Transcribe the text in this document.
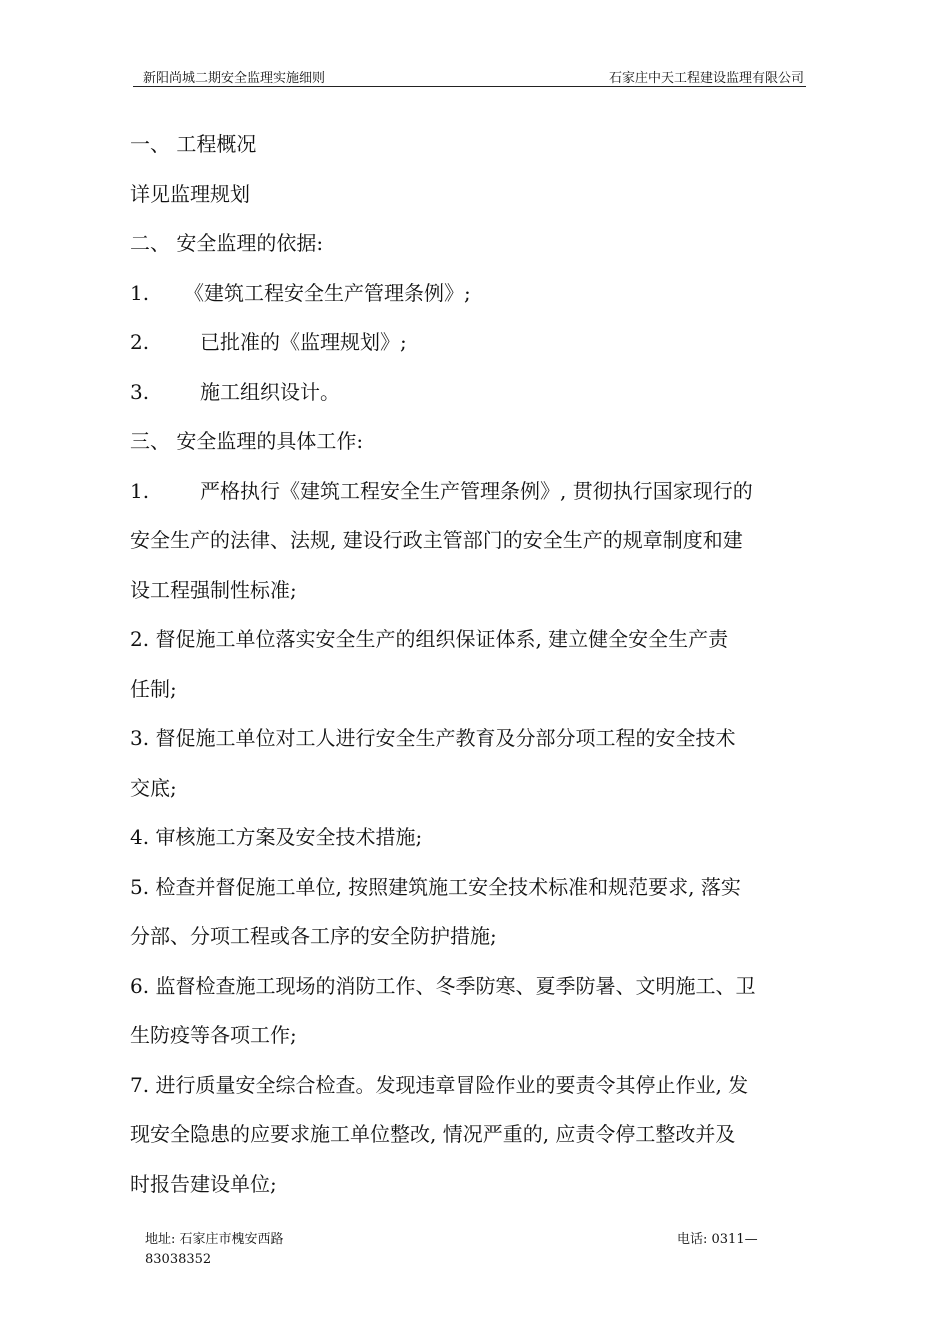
新阳尚城二期安全监理实施细则	石家庄中天工程建设监理有限公司

一、 工程概况

详见监理规划

二、 安全监理的依据:

1. 《建筑工程安全生产管理条例》;

2.	已批准的《监理规划》;

3.	施工组织设计。

三、 安全监理的具体工作:

1.	严格执行《建筑工程安全生产管理条例》, 贯彻执行国家现行的

安全生产的法律、法规, 建设行政主管部门的安全生产的规章制度和建

设工程强制性标准;

2. 督促施工单位落实安全生产的组织保证体系, 建立健全安全生产责

任制;

3. 督促施工单位对工人进行安全生产教育及分部分项工程的安全技术

交底;

4. 审核施工方案及安全技术措施;

5. 检查并督促施工单位, 按照建筑施工安全技术标准和规范要求, 落实

分部、分项工程或各工序的安全防护措施;

6. 监督检查施工现场的消防工作、冬季防寒、夏季防暑、文明施工、卫

生防疫等各项工作;

7. 进行质量安全综合检查。发现违章冒险作业的要责令其停止作业, 发

现安全隐患的应要求施工单位整改, 情况严重的, 应责令停工整改并及

时报告建设单位;

地址: 石家庄市槐安西路	电话: 0311—
83038352
